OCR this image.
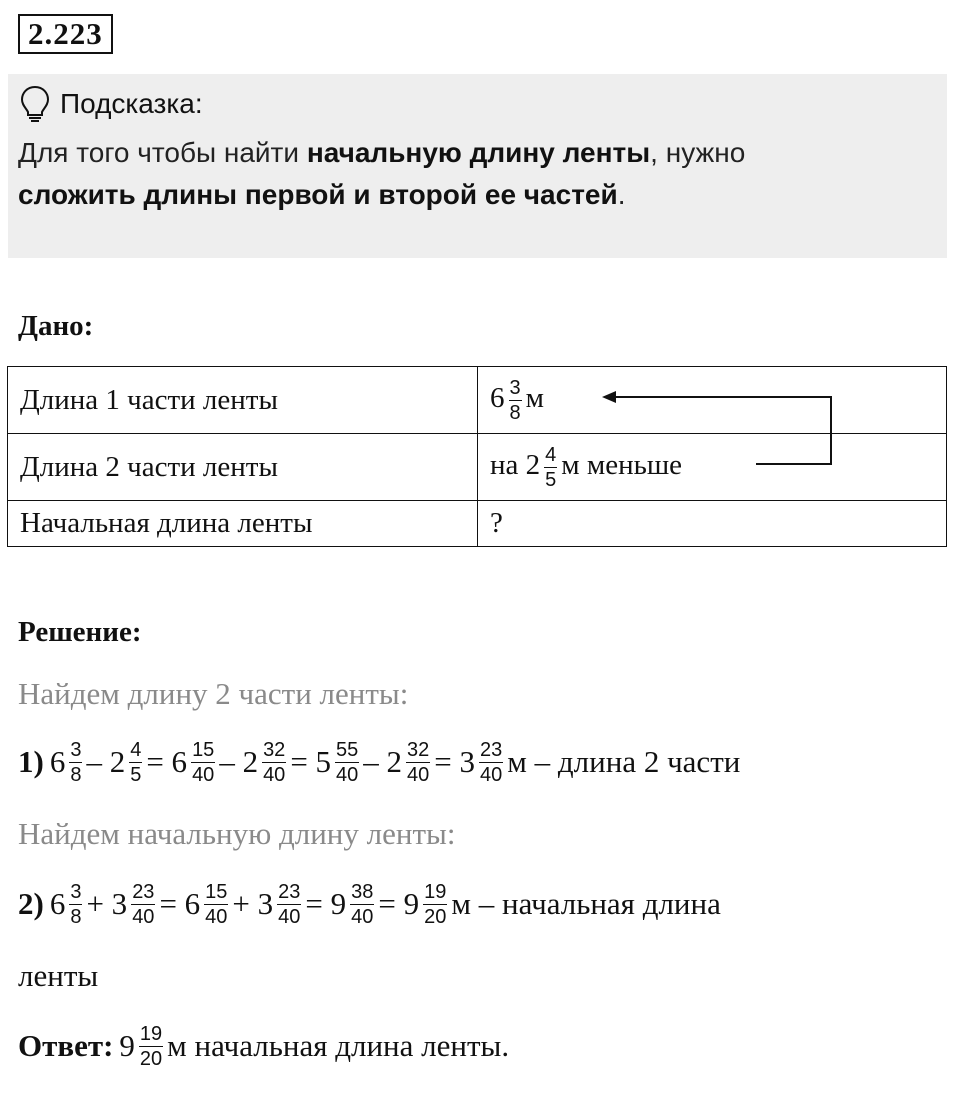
2.223
Подсказка:
Для того чтобы найти начальную длину ленты, нужно
сложить длины первой и второй ее частей.
Дано:
Длина 1 части ленты	$6 \frac{3}{8}$ м
Длина 2 части ленты	на $2 \frac{4}{5}$ м меньше
Начальная длина ленты	?
Решение:
Найдем длину 2 части ленты:
1) $6 \frac{3}{8} - 2 \frac{4}{5} = 6 \frac{15}{40} - 2 \frac{32}{40} = 5 \frac{55}{40} - 2 \frac{32}{40} = 3 \frac{23}{40}$ м – длина 2 части
Найдем начальную длину ленты:
2) $6 \frac{3}{8} + 3 \frac{23}{40} = 6 \frac{15}{40} + 3 \frac{23}{40} = 9 \frac{38}{40} = 9 \frac{19}{20}$ м – начальная длина
ленты
Ответ: $9 \frac{19}{20}$ м начальная длина ленты.
